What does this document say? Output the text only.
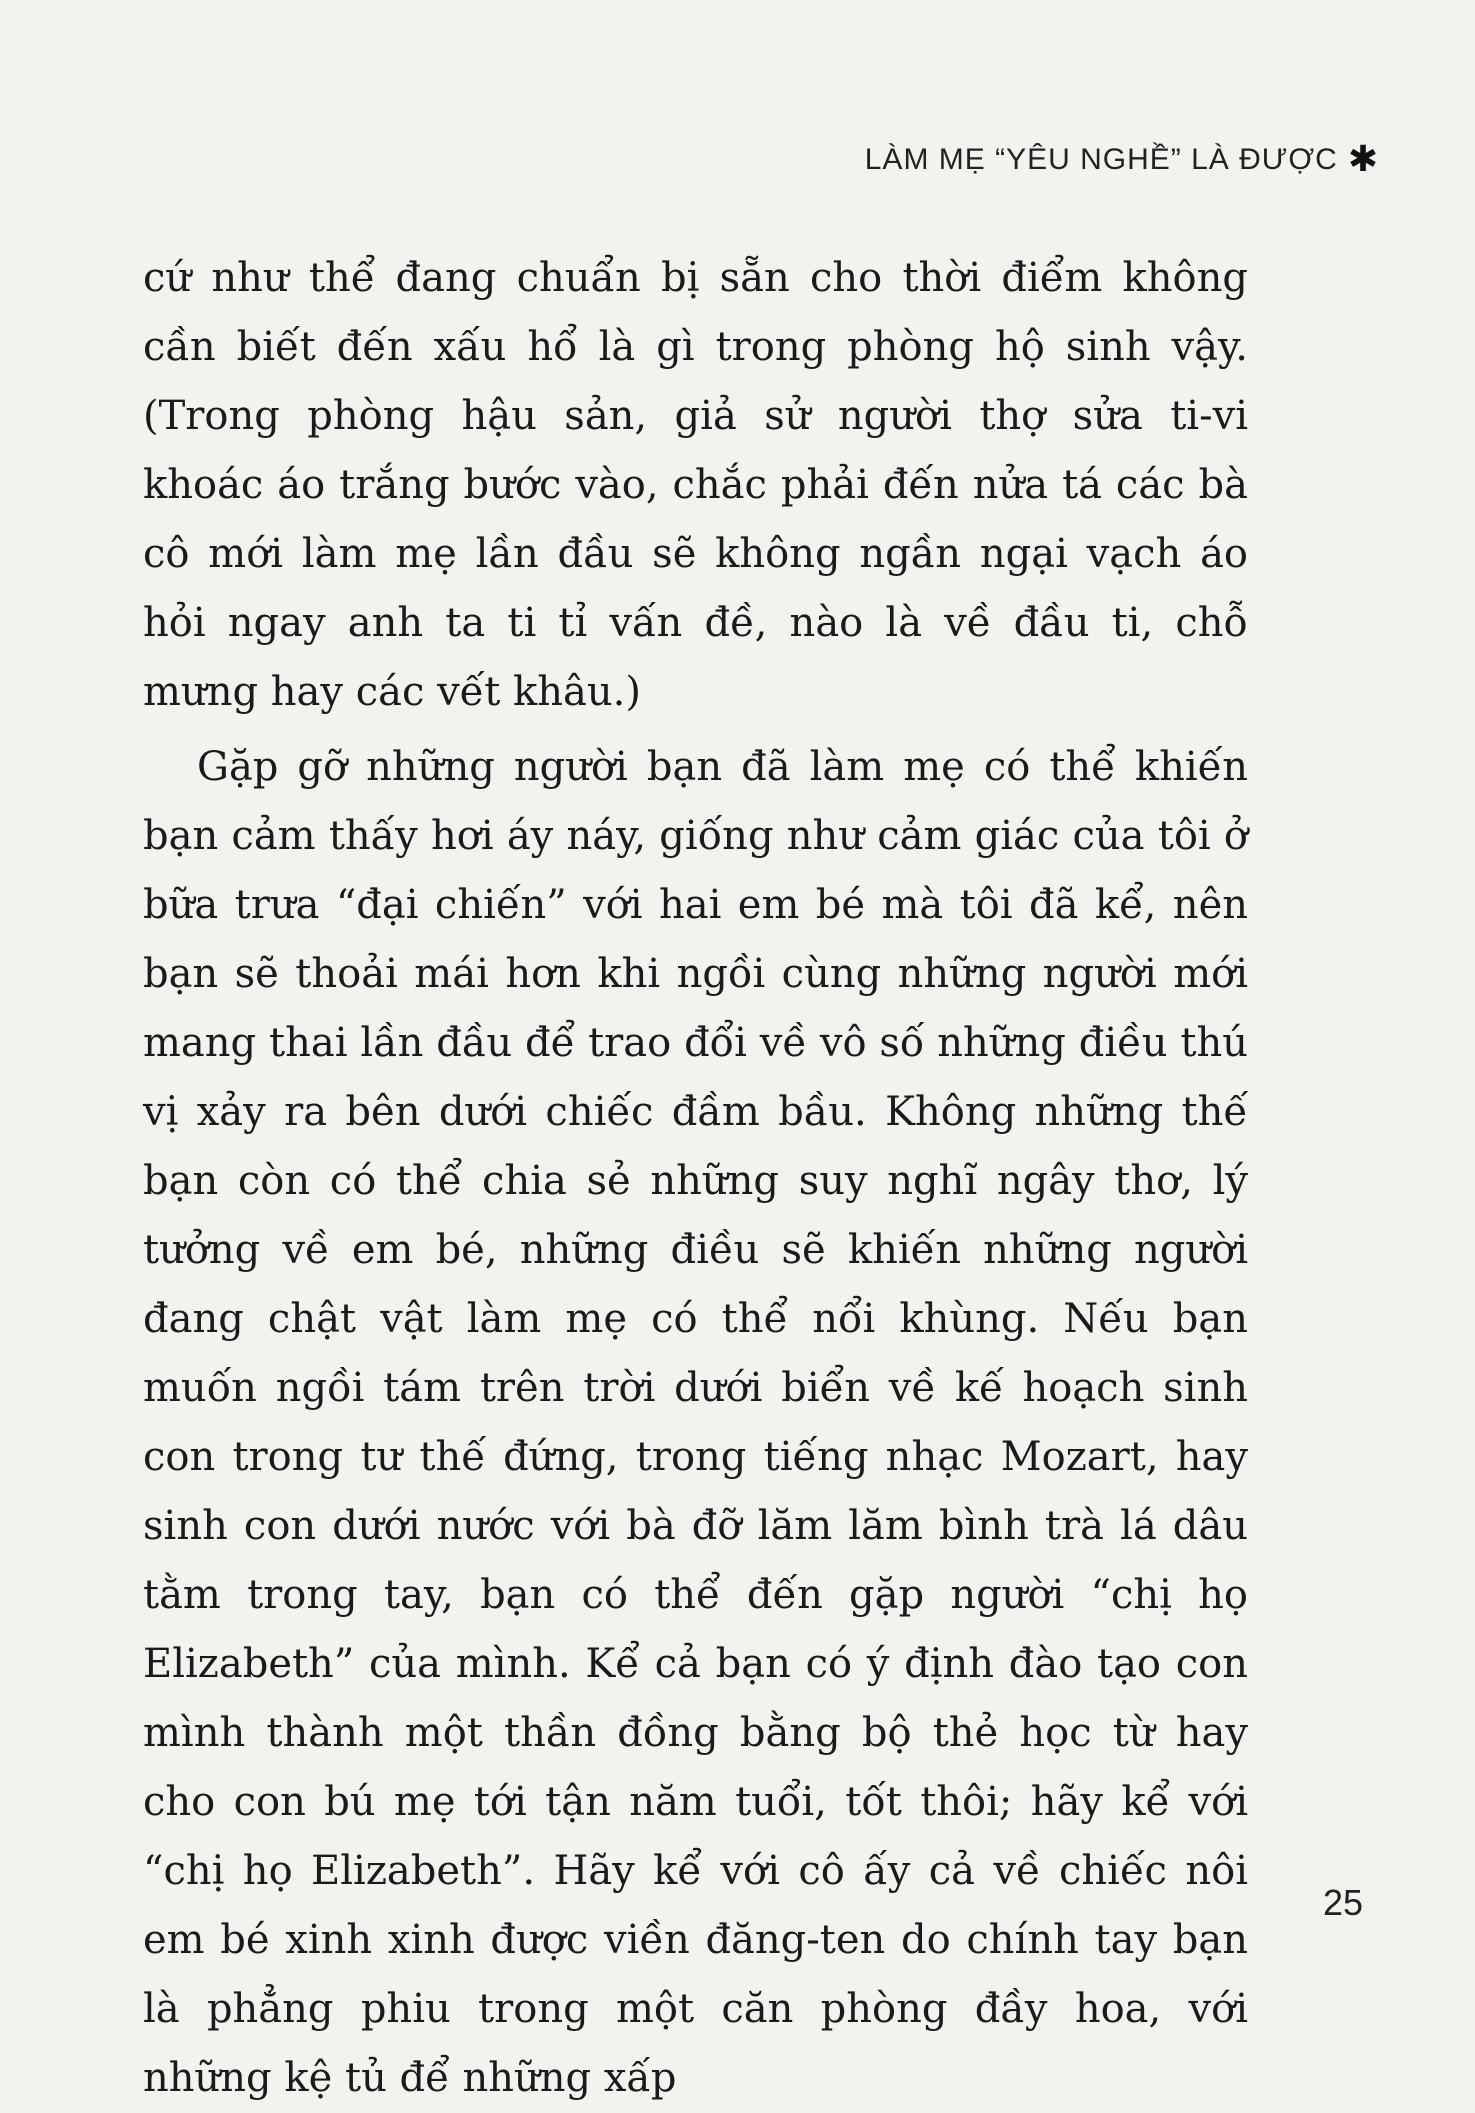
LÀM MẸ “YÊU NGHỀ” LÀ ĐƯỢC ✱

cứ như thể đang chuẩn bị sẵn cho thời điểm không cần biết đến xấu hổ là gì trong phòng hộ sinh vậy. (Trong phòng hậu sản, giả sử người thợ sửa ti-vi khoác áo trắng bước vào, chắc phải đến nửa tá các bà cô mới làm mẹ lần đầu sẽ không ngần ngại vạch áo hỏi ngay anh ta ti tỉ vấn đề, nào là về đầu ti, chỗ mưng hay các vết khâu.)

Gặp gỡ những người bạn đã làm mẹ có thể khiến bạn cảm thấy hơi áy náy, giống như cảm giác của tôi ở bữa trưa “đại chiến” với hai em bé mà tôi đã kể, nên bạn sẽ thoải mái hơn khi ngồi cùng những người mới mang thai lần đầu để trao đổi về vô số những điều thú vị xảy ra bên dưới chiếc đầm bầu. Không những thế bạn còn có thể chia sẻ những suy nghĩ ngây thơ, lý tưởng về em bé, những điều sẽ khiến những người đang chật vật làm mẹ có thể nổi khùng. Nếu bạn muốn ngồi tám trên trời dưới biển về kế hoạch sinh con trong tư thế đứng, trong tiếng nhạc Mozart, hay sinh con dưới nước với bà đỡ lăm lăm bình trà lá dâu tằm trong tay, bạn có thể đến gặp người “chị họ Elizabeth” của mình. Kể cả bạn có ý định đào tạo con mình thành một thần đồng bằng bộ thẻ học từ hay cho con bú mẹ tới tận năm tuổi, tốt thôi; hãy kể với “chị họ Elizabeth”. Hãy kể với cô ấy cả về chiếc nôi em bé xinh xinh được viền đăng-ten do chính tay bạn là phẳng phiu trong một căn phòng đầy hoa, với những kệ tủ để những xấp

25
